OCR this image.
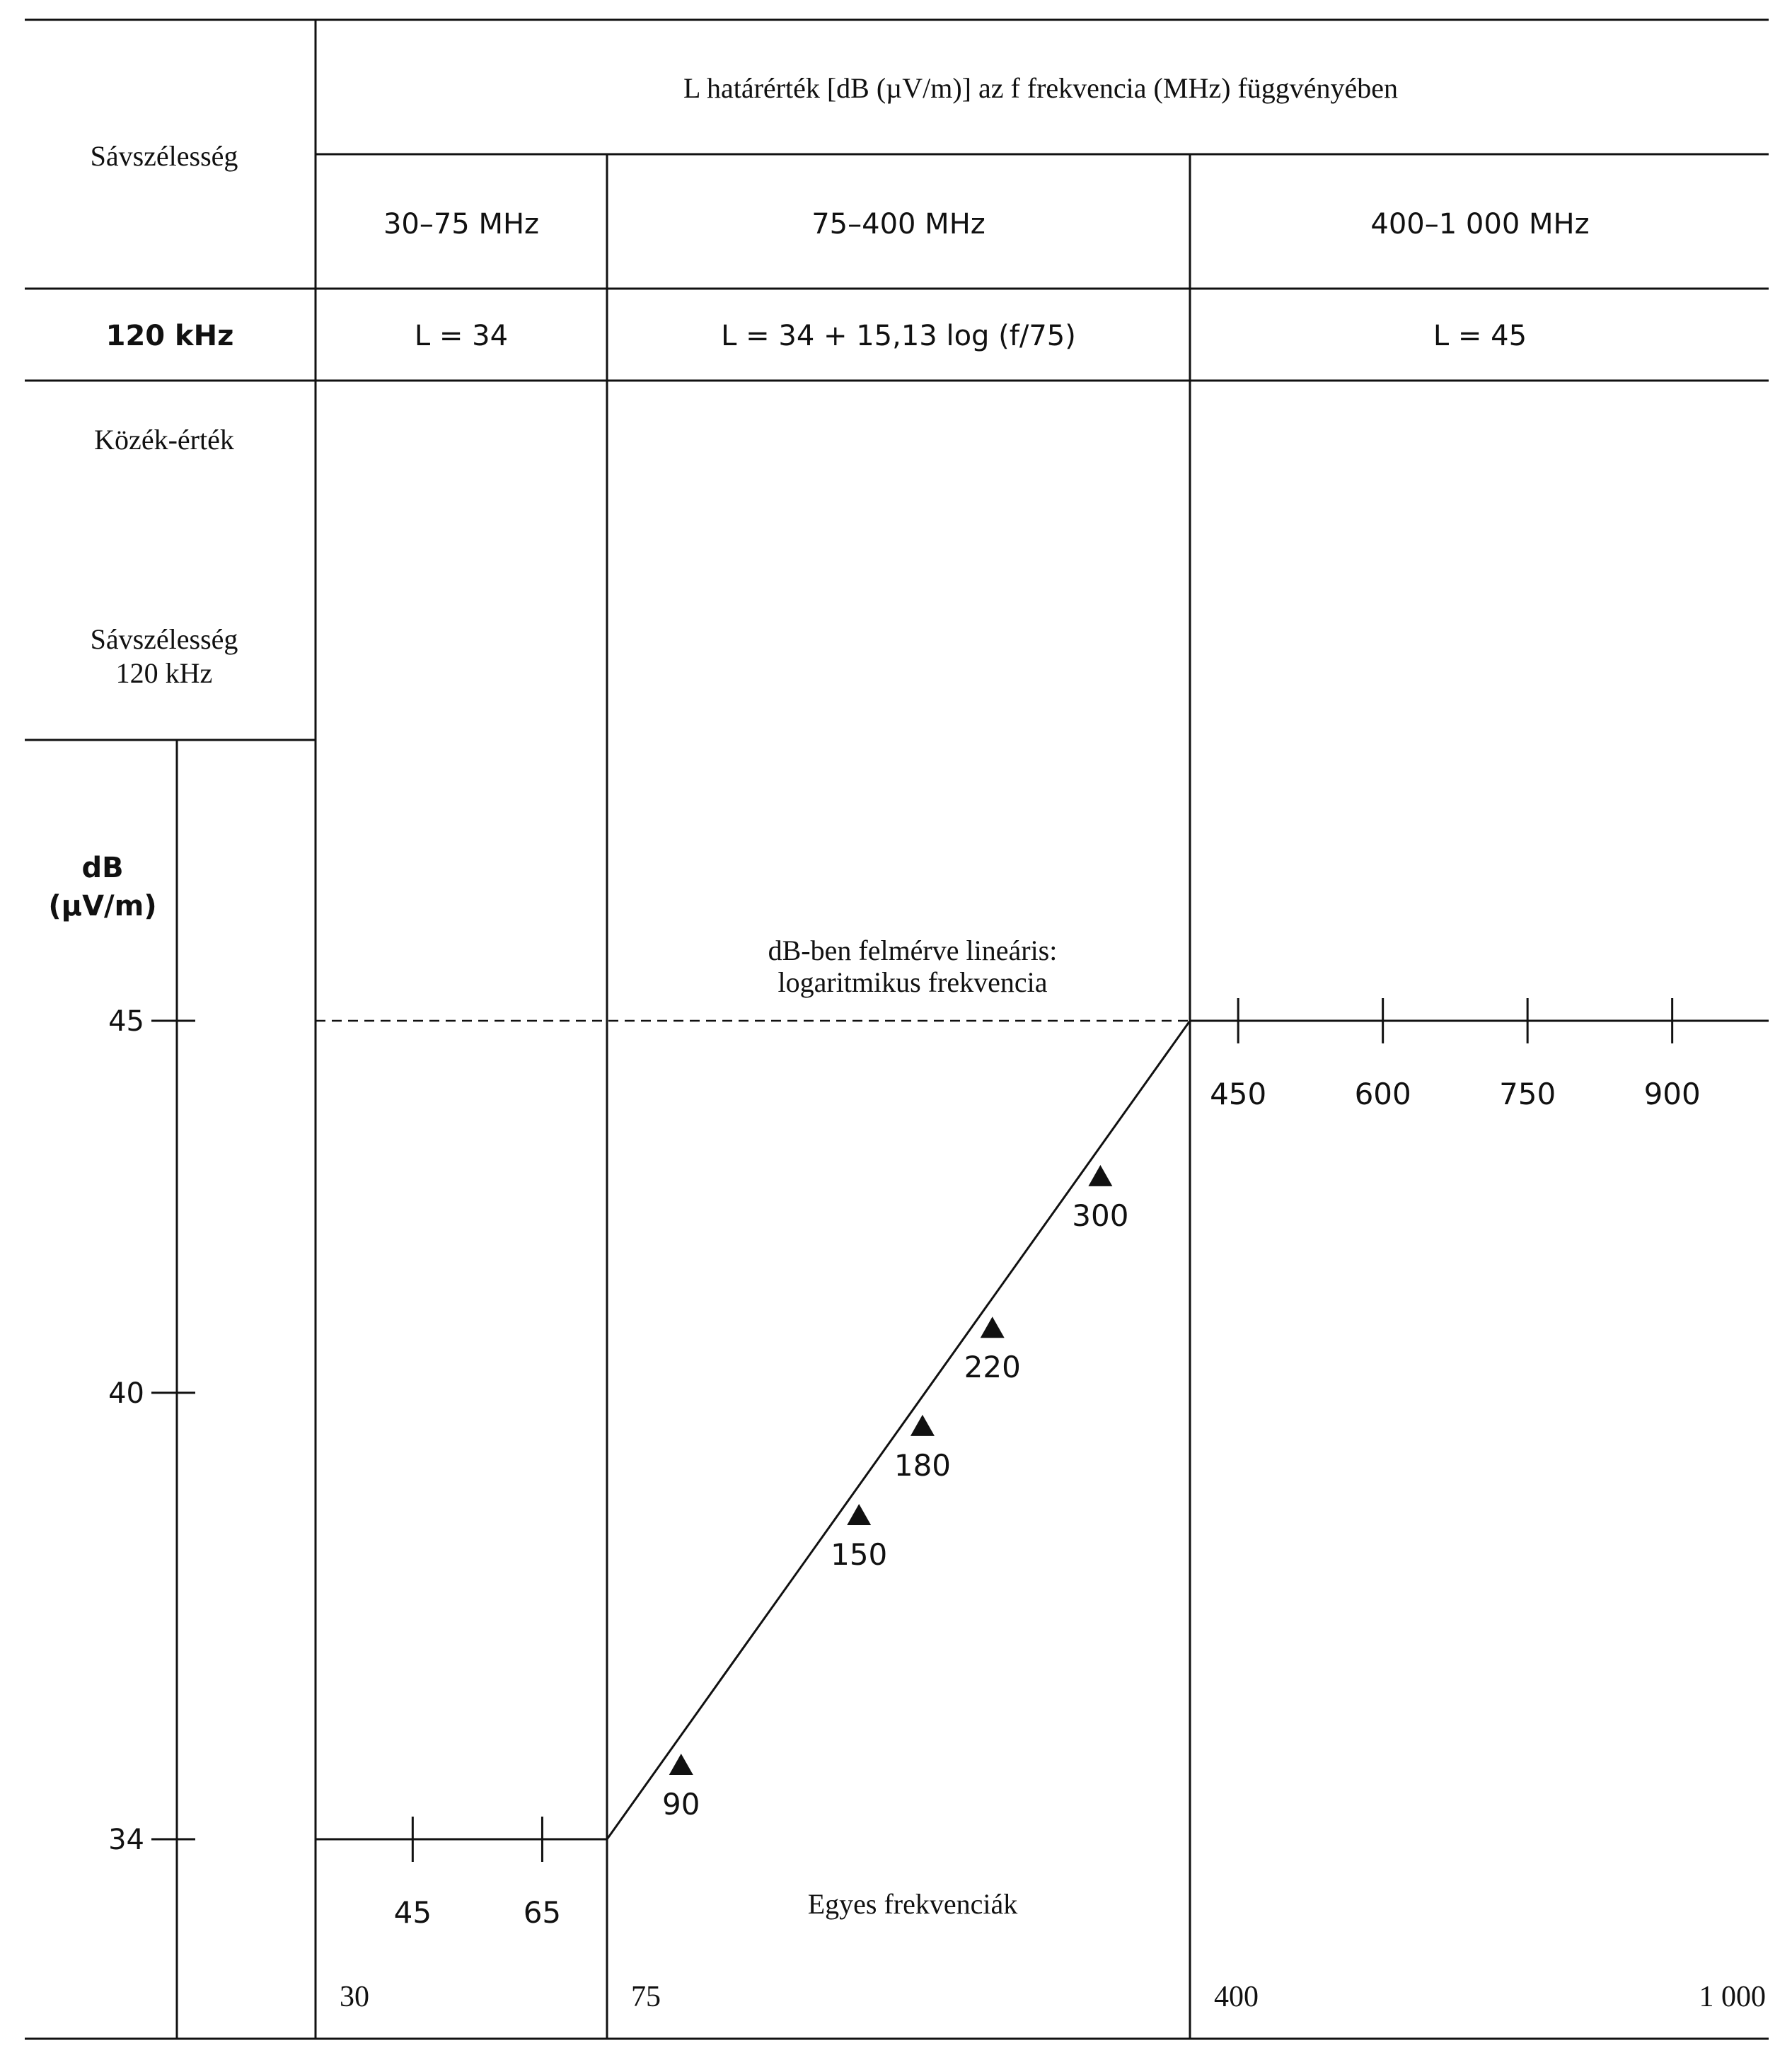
L határérték [dB (µV/m)] az f frekvencia (MHz) függvényében
Sávszélesség
30–75 MHz	75–400 MHz	400–1 000 MHz
120 kHz	L = 34	L = 34 + 15,13 log (f/75)	L = 45
Közék-érték
Sávszélesség
120 kHz
dB
(µV/m)
dB-ben felmérve lineáris:
logaritmikus frekvencia
Egyes frekvenciák
45
40
34
45	65
450	600	750	900
90
150
180
220
300
30	75	400	1 000
